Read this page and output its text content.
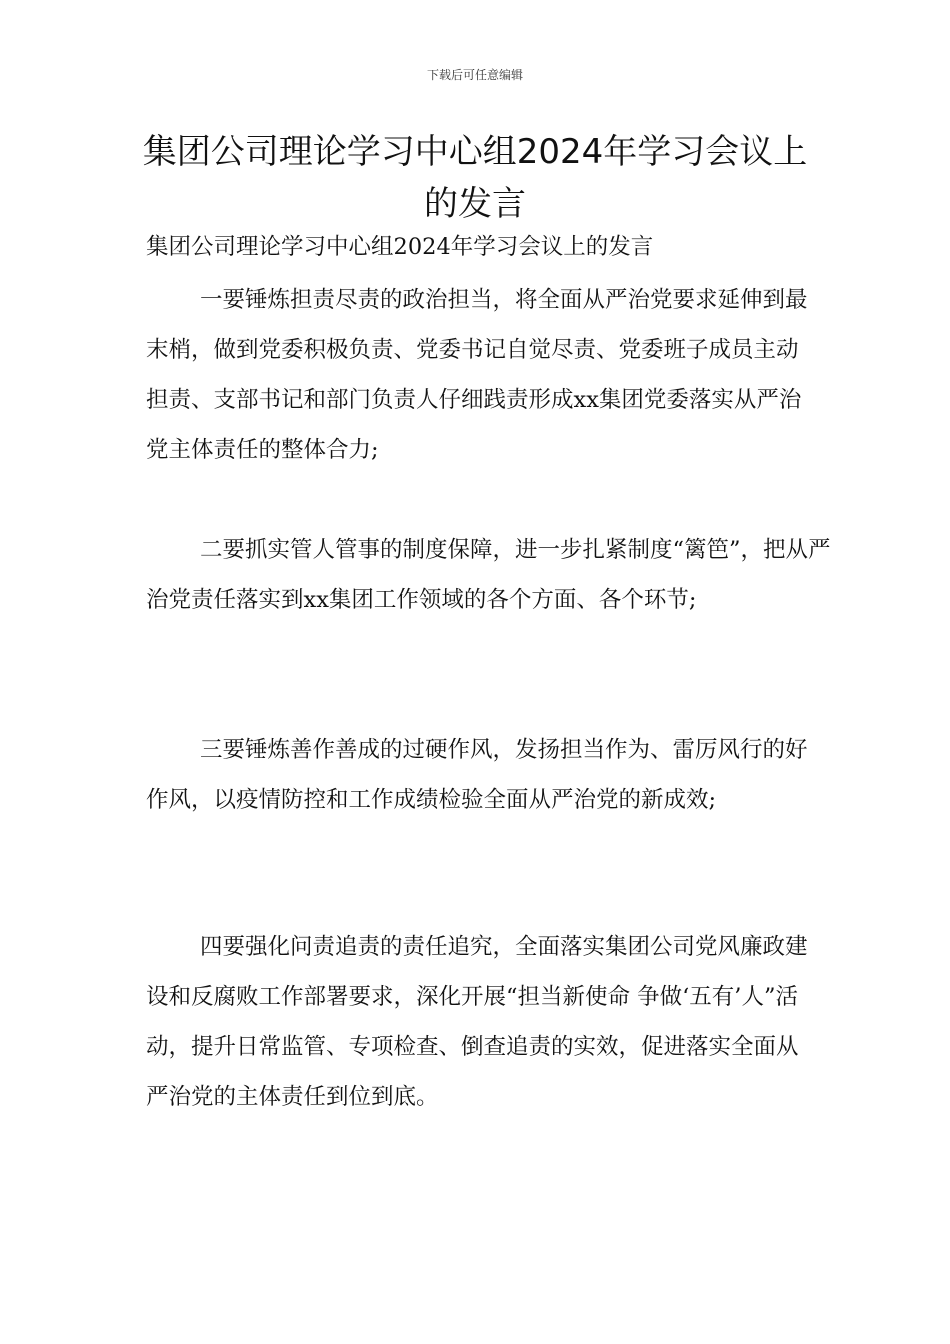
下载后可任意编辑
集团公司理论学习中心组2024年学习会议上的发言
集团公司理论学习中心组2024年学习会议上的发言

一要锤炼担责尽责的政治担当，将全面从严治党要求延伸到最末梢，做到党委积极负责、党委书记自觉尽责、党委班子成员主动担责、支部书记和部门负责人仔细践责形成xx集团党委落实从严治党主体责任的整体合力;

二要抓实管人管事的制度保障，进一步扎紧制度“篱笆”，把从严治党责任落实到xx集团工作领域的各个方面、各个环节;

三要锤炼善作善成的过硬作风，发扬担当作为、雷厉风行的好作风，以疫情防控和工作成绩检验全面从严治党的新成效;

四要强化问责追责的责任追究，全面落实集团公司党风廉政建设和反腐败工作部署要求，深化开展“担当新使命 争做‘五有’人”活动，提升日常监管、专项检查、倒查追责的实效，促进落实全面从严治党的主体责任到位到底。
